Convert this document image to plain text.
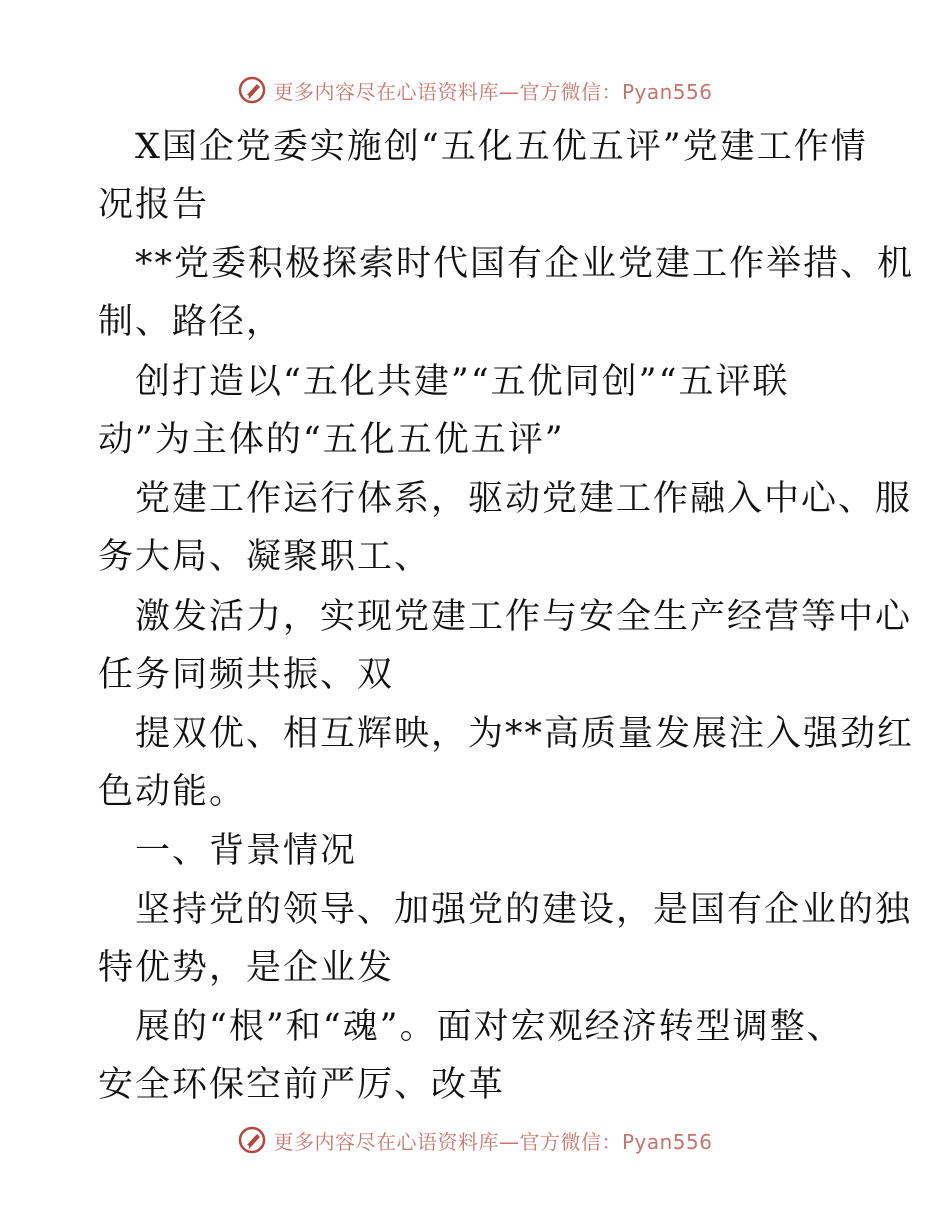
更多内容尽在心语资料库—官方微信：Pyan556
X国企党委实施创“五化五优五评”党建工作情
况报告
**党委积极探索时代国有企业党建工作举措、机
制、路径，
创打造以“五化共建”“五优同创”“五评联
动”为主体的“五化五优五评”
党建工作运行体系，驱动党建工作融入中心、服
务大局、凝聚职工、
激发活力，实现党建工作与安全生产经营等中心
任务同频共振、双
提双优、相互辉映，为**高质量发展注入强劲红
色动能。
一、背景情况
坚持党的领导、加强党的建设，是国有企业的独
特优势，是企业发
展的“根”和“魂”。面对宏观经济转型调整、
安全环保空前严厉、改革
更多内容尽在心语资料库—官方微信：Pyan556
